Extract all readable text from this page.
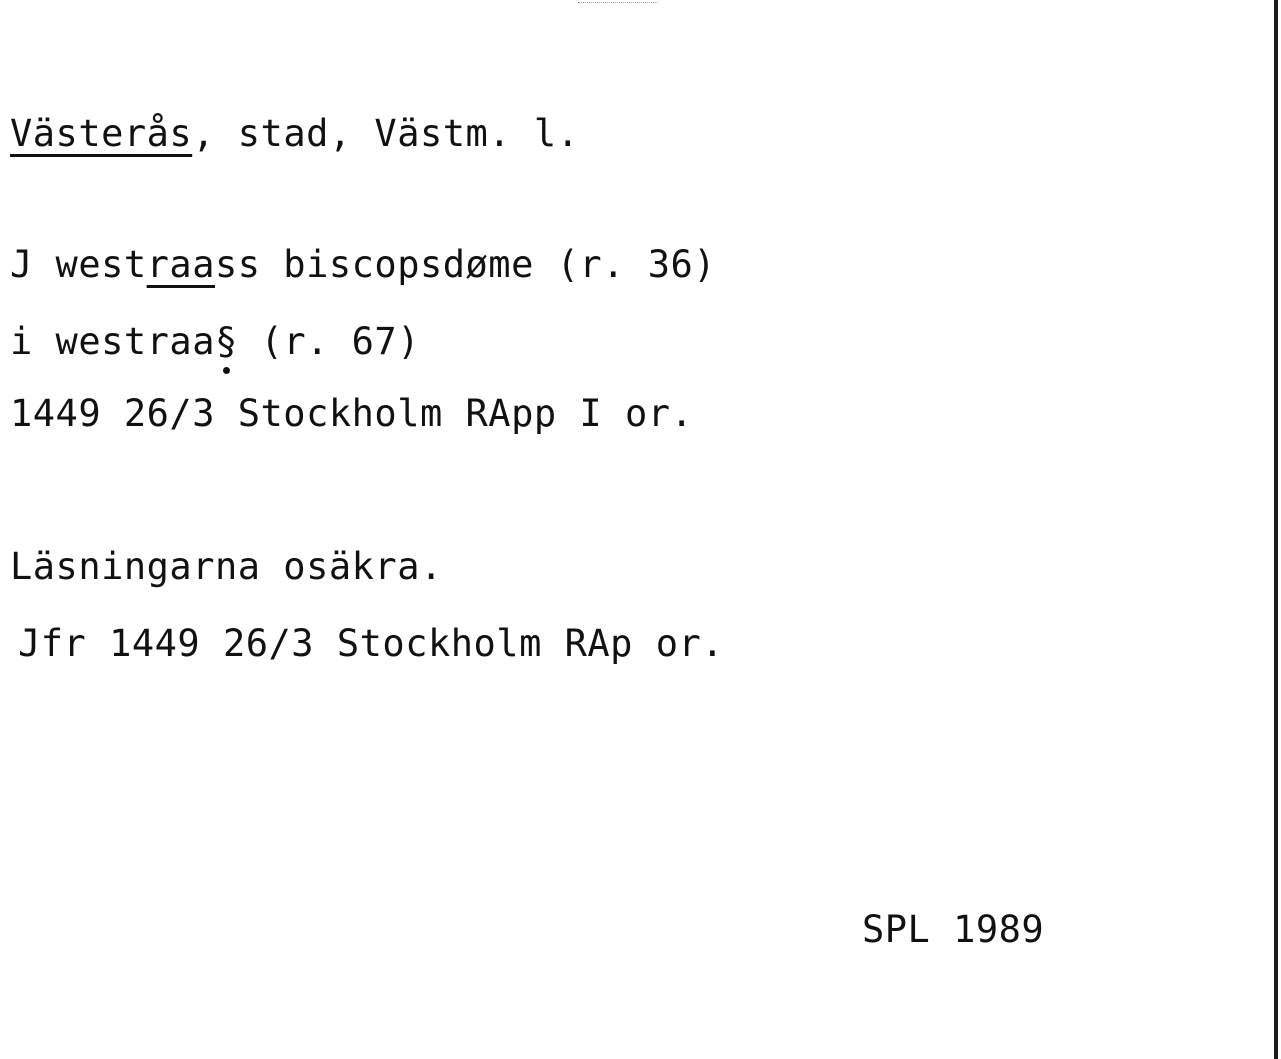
Västerås, stad, Västm. l.
J westraass biscopsdøme (r. 36)
i westraa§ (r. 67)
1449 26/3 Stockholm RApp I or.
Läsningarna osäkra.
Jfr 1449 26/3 Stockholm RAp or.
SPL 1989
